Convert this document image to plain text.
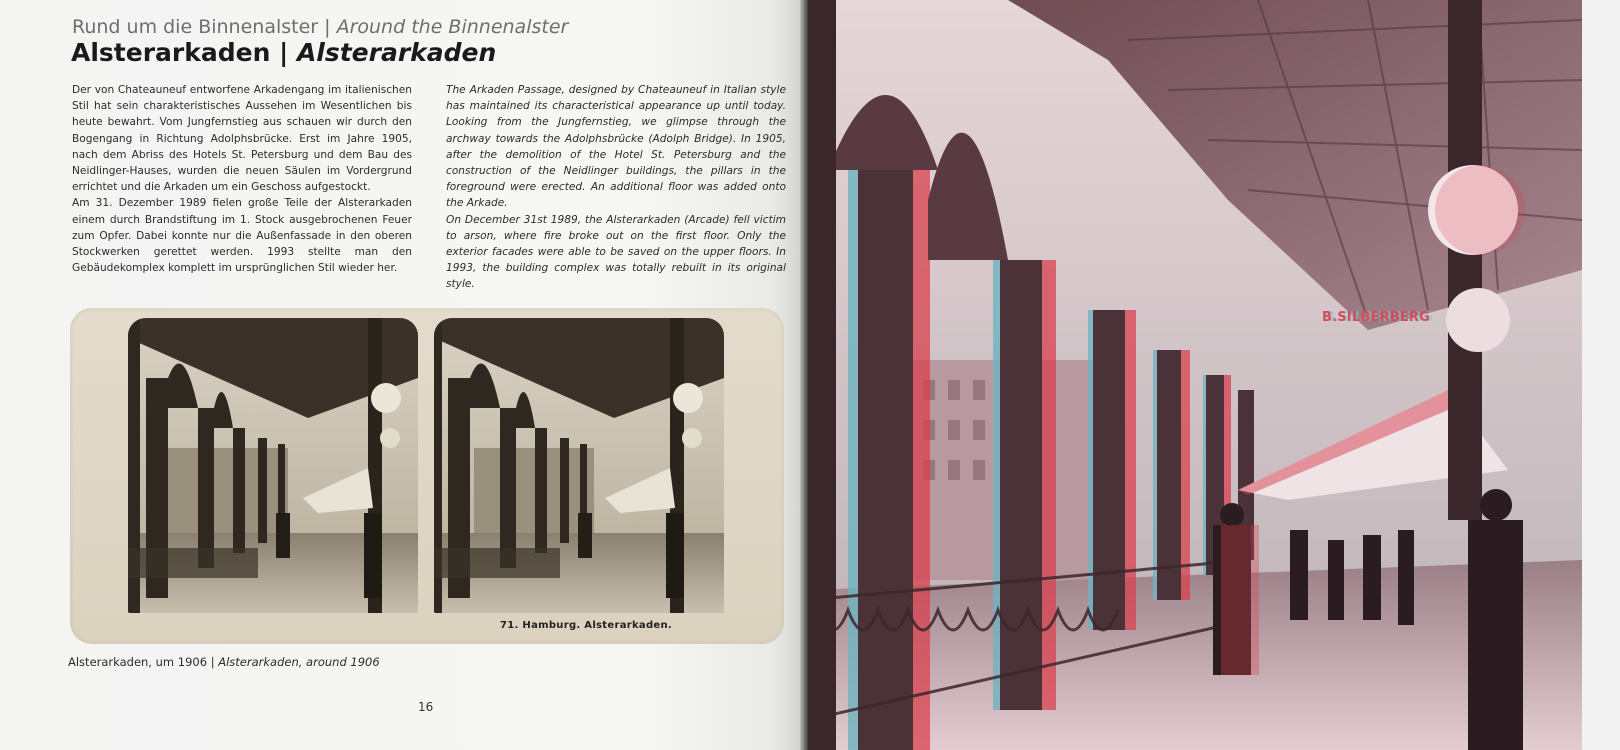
Rund um die Binnenalster | Around the Binnenalster
Alsterarkaden | Alsterarkaden

Der von Chateauneuf entworfene Arkadengang im italienischen Stil hat sein charakteristisches Aussehen im Wesentlichen bis heute bewahrt. Vom Jungfernstieg aus schauen wir durch den Bogengang in Richtung Adolphsbrücke. Erst im Jahre 1905, nach dem Abriss des Hotels St. Petersburg und dem Bau des Neidlinger-Hauses, wurden die neuen Säulen im Vordergrund errichtet und die Arkaden um ein Geschoss aufgestockt.

Am 31. Dezember 1989 fielen große Teile der Alsterarkaden einem durch Brandstiftung im 1. Stock ausgebrochenen Feuer zum Opfer. Dabei konnte nur die Außenfassade in den oberen Stockwerken gerettet werden. 1993 stellte man den Gebäudekomplex komplett im ursprünglichen Stil wieder her.

The Arkaden Passage, designed by Chateauneuf in Italian style has maintained its characteristical appearance up until today. Looking from the Jungfernstieg, we glimpse through the archway towards the Adolphsbrücke (Adolph Bridge). In 1905, after the demolition of the Hotel St. Petersburg and the construction of the Neidlinger buildings, the pillars in the foreground were erected. An additional floor was added onto the Arkade.

On December 31st 1989, the Alsterarkaden (Arcade) fell victim to arson, where fire broke out on the first floor. Only the exterior facades were able to be saved on the upper floors. In 1993, the building complex was totally rebuilt in its original style.

71. Hamburg. Alsterarkaden.
Alsterarkaden, um 1906 | Alsterarkaden, around 1906
16
B.SILBERBERG
